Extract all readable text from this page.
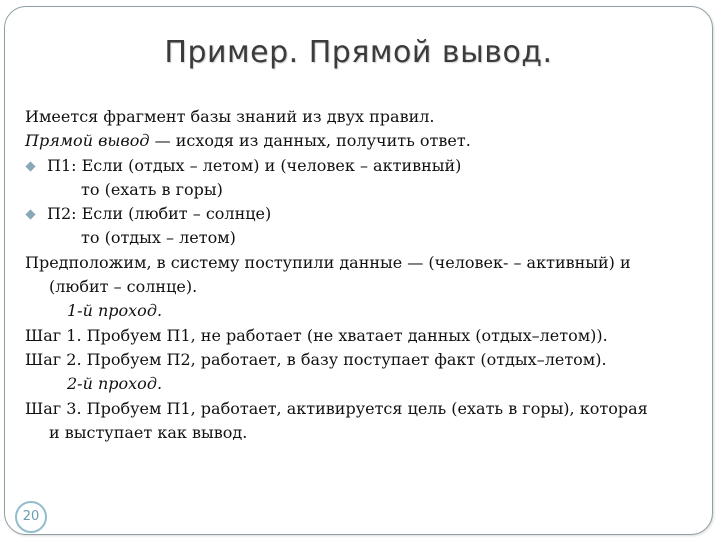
Пример. Прямой вывод.
Имеется фрагмент базы знаний из двух правил.
Прямой вывод — исходя из данных, получить ответ.
П1: Если (отдых – летом) и (человек – активный)
то (ехать в горы)
П2: Если (любит – солнце)
то (отдых – летом)
Предположим, в систему поступили данные — (человек- – активный) и
(любит – солнце).
1-й проход.
Шаг 1. Пробуем П1, не работает (не хватает данных (отдых–летом)).
Шаг 2. Пробуем П2, работает, в базу поступает факт (отдых–летом).
2-й проход.
Шаг 3. Пробуем П1, работает, активируется цель (ехать в горы), которая
и выступает как вывод.
20
